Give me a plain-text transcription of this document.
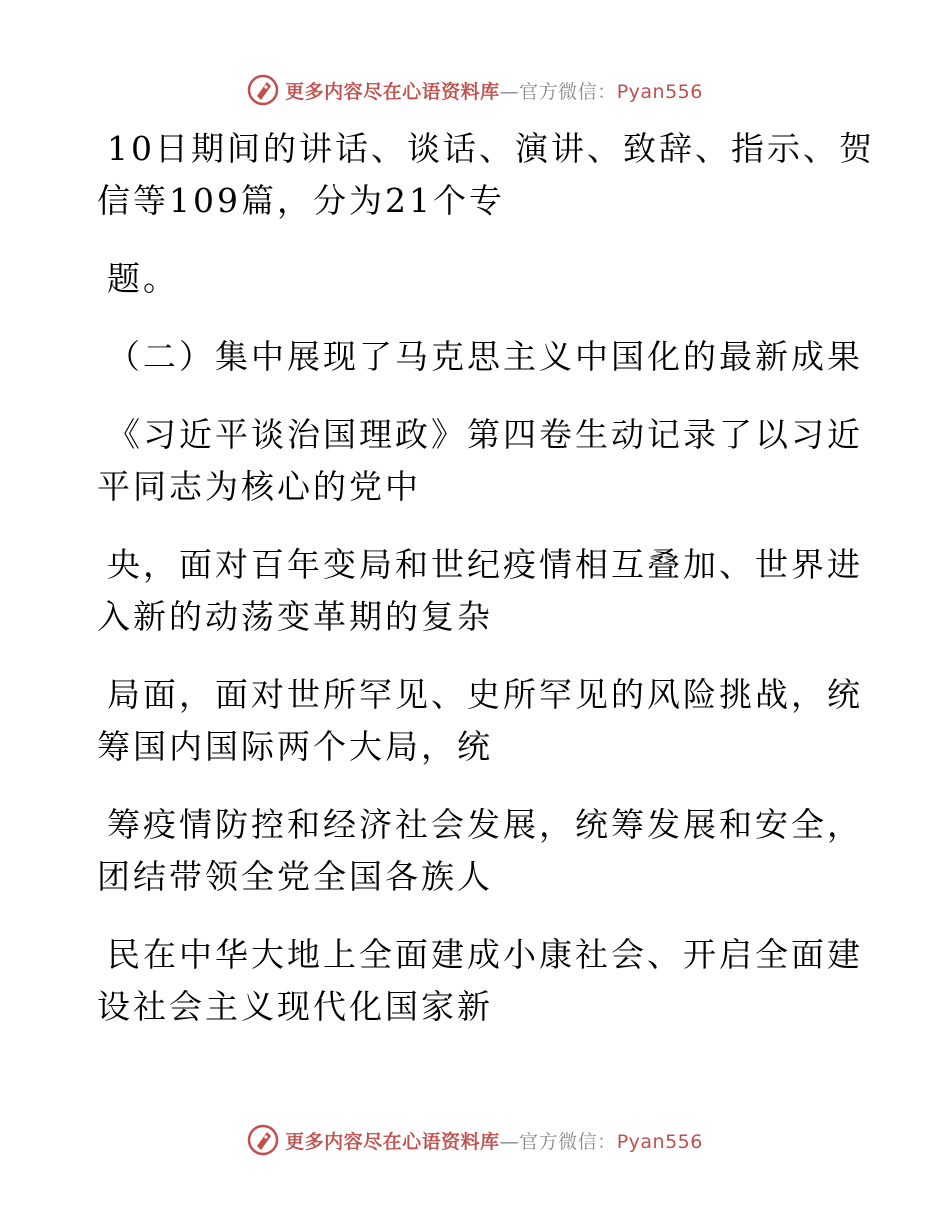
更多内容尽在心语资料库—官方微信：Pyan556
10日期间的讲话、谈话、演讲、致辞、指示、贺
信等109篇，分为21个专
题。
（二）集中展现了马克思主义中国化的最新成果
《习近平谈治国理政》第四卷生动记录了以习近
平同志为核心的党中
央，面对百年变局和世纪疫情相互叠加、世界进
入新的动荡变革期的复杂
局面，面对世所罕见、史所罕见的风险挑战，统
筹国内国际两个大局，统
筹疫情防控和经济社会发展，统筹发展和安全，
团结带领全党全国各族人
民在中华大地上全面建成小康社会、开启全面建
设社会主义现代化国家新
更多内容尽在心语资料库—官方微信：Pyan556
